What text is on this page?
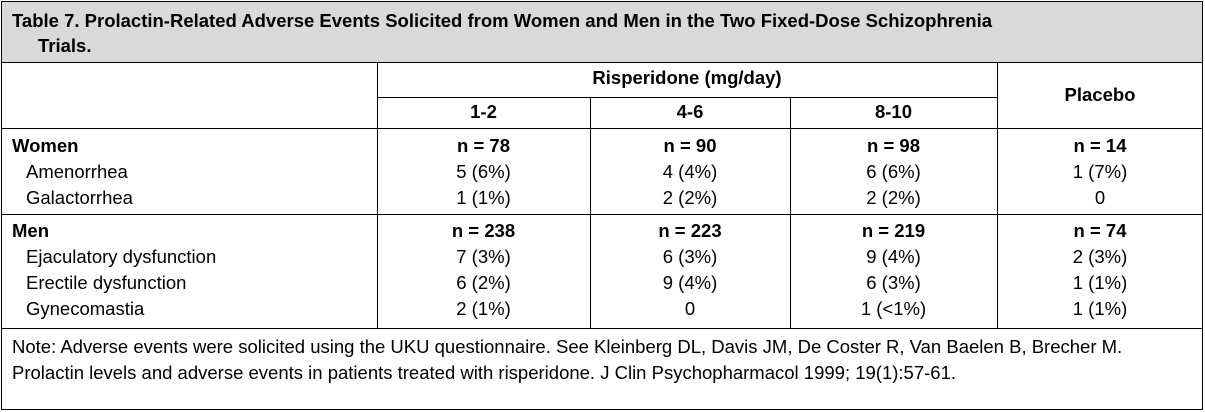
Table 7. Prolactin-Related Adverse Events Solicited from Women and Men in the Two Fixed-Dose Schizophrenia
Trials.
Risperidone (mg/day)
Placebo
1-2	4-6	8-10
Women	n = 78	n = 90	n = 98	n = 14
Amenorrhea	5 (6%)	4 (4%)	6 (6%)	1 (7%)
Galactorrhea	1 (1%)	2 (2%)	2 (2%)	0
Men	n = 238	n = 223	n = 219	n = 74
Ejaculatory dysfunction	7 (3%)	6 (3%)	9 (4%)	2 (3%)
Erectile dysfunction	6 (2%)	9 (4%)	6 (3%)	1 (1%)
Gynecomastia	2 (1%)	0	1 (<1%)	1 (1%)
Note: Adverse events were solicited using the UKU questionnaire. See Kleinberg DL, Davis JM, De Coster R, Van Baelen B, Brecher M. Prolactin levels and adverse events in patients treated with risperidone. J Clin Psychopharmacol 1999; 19(1):57-61.
